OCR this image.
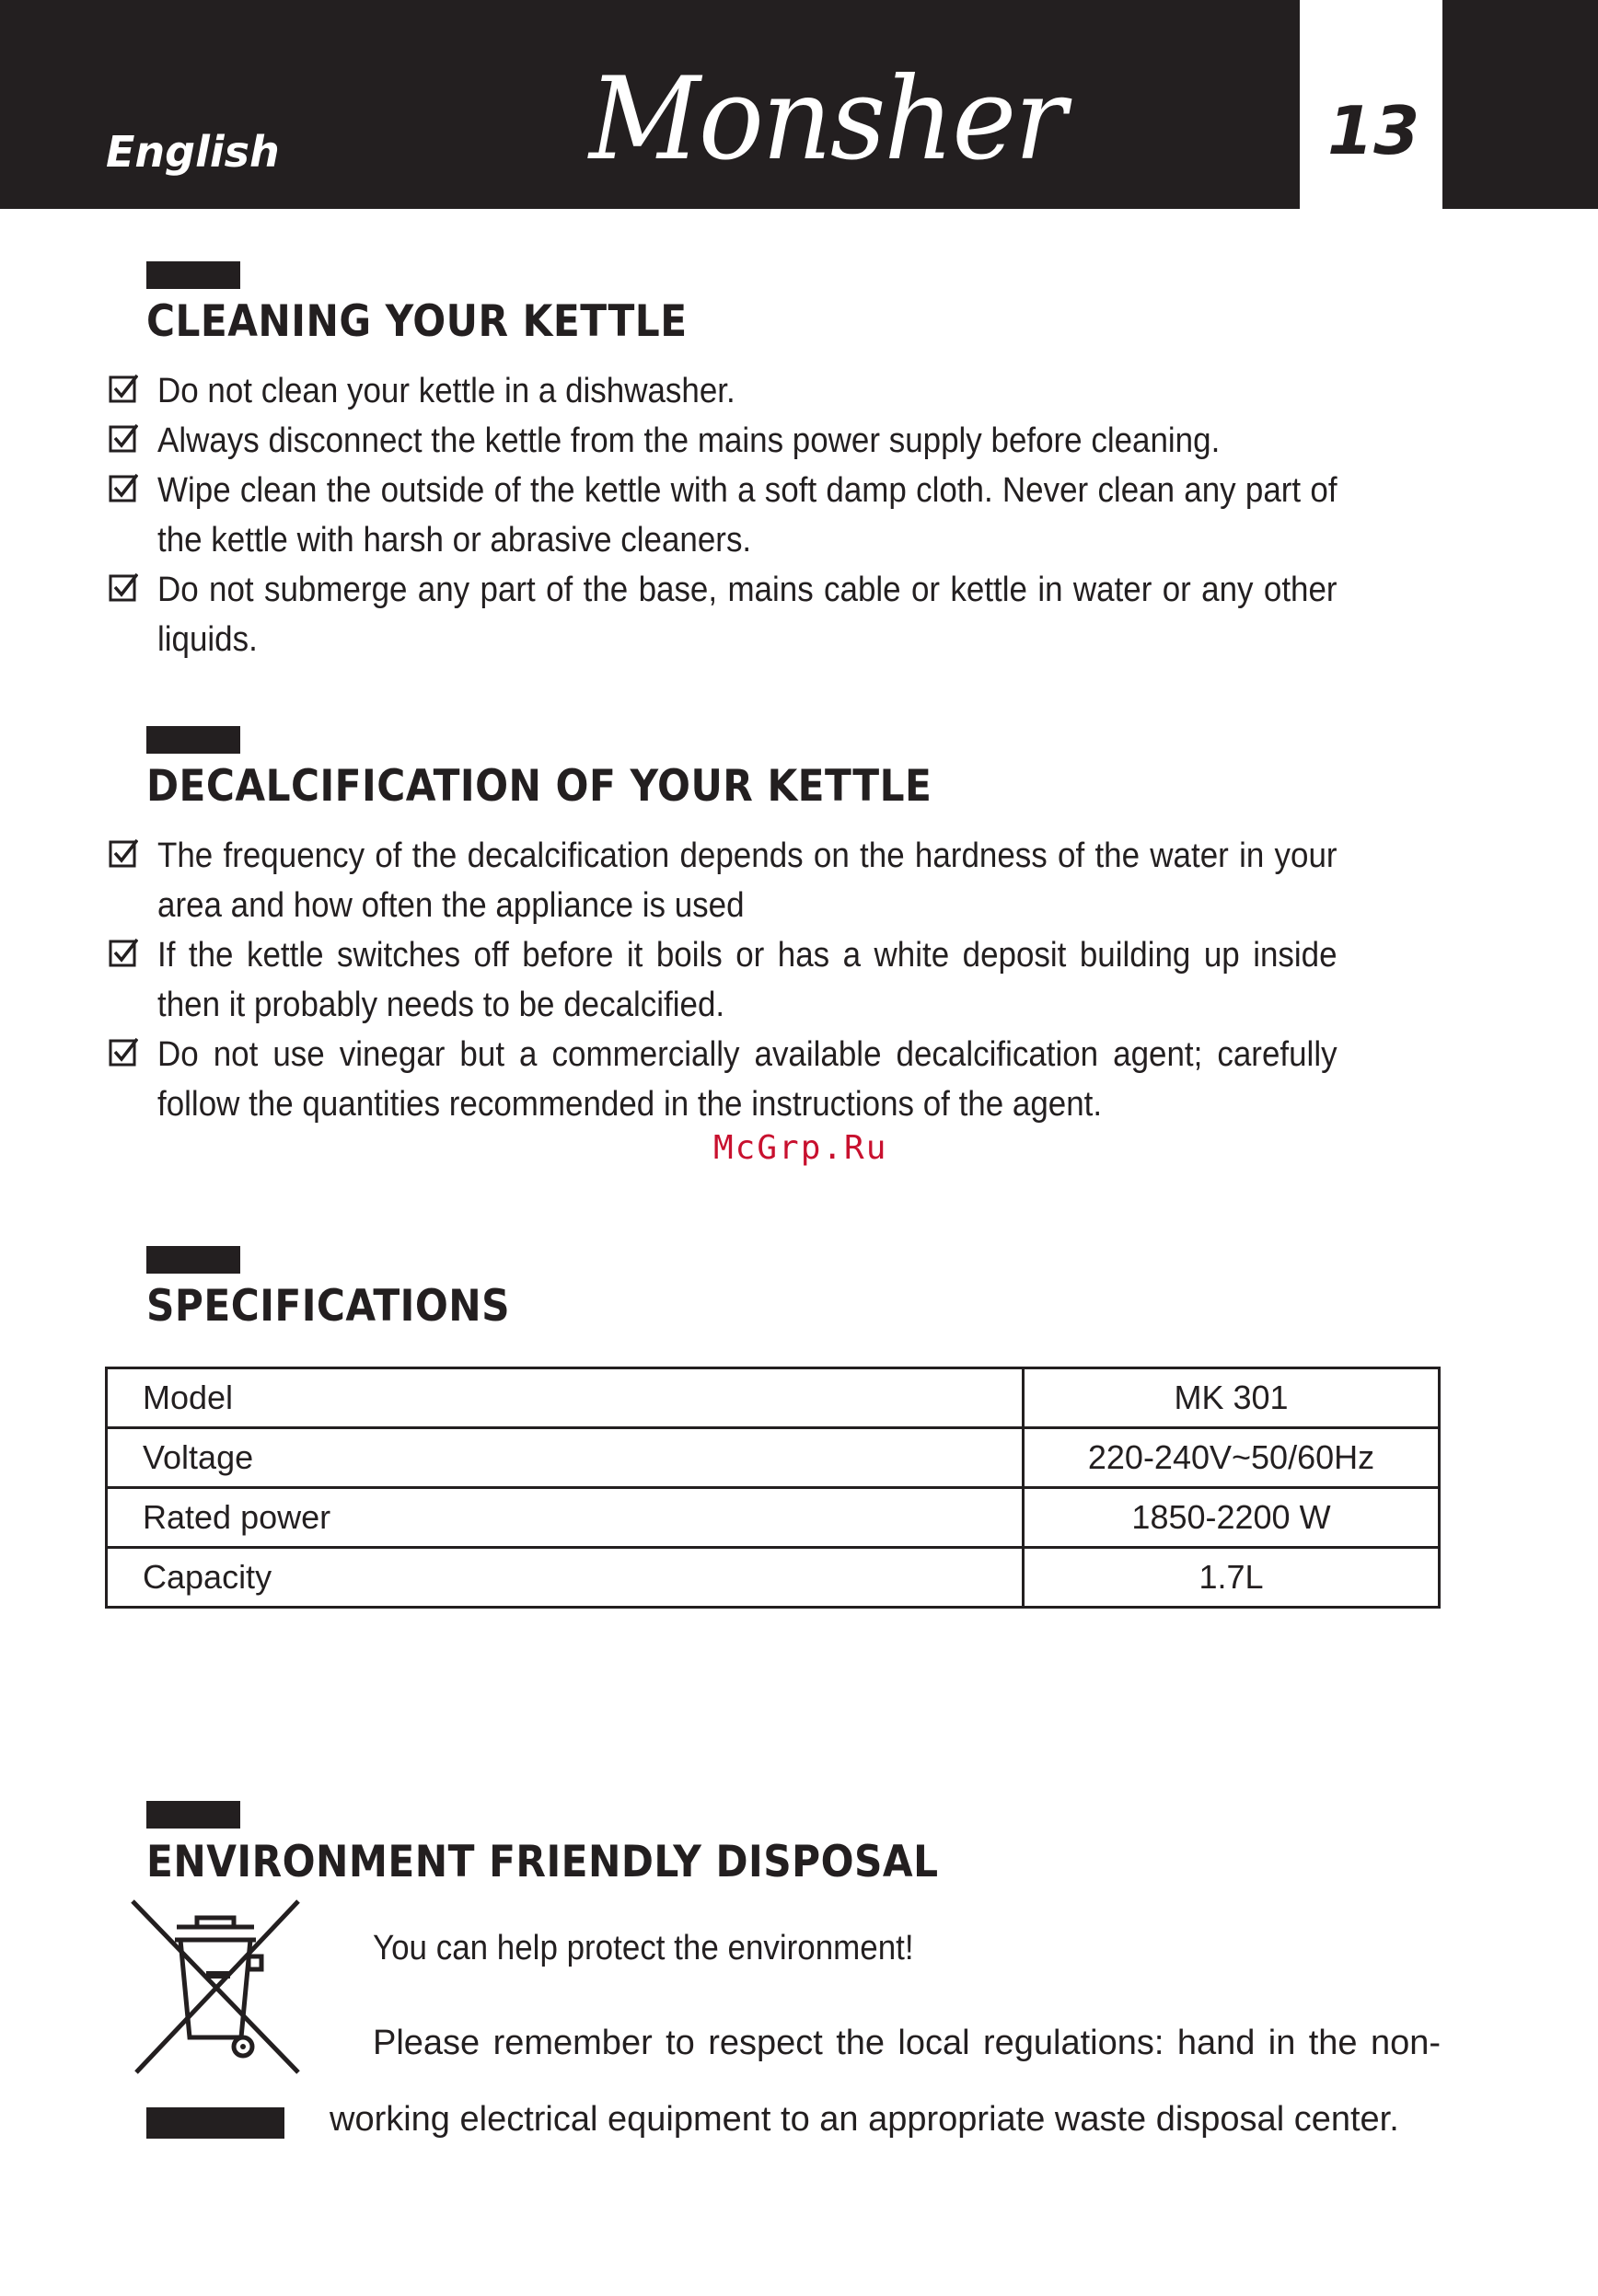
English	Monsher	13
CLEANING YOUR KETTLE
Do not clean your kettle in a dishwasher.
Always disconnect the kettle from the mains power supply before cleaning.
Wipe clean the outside of the kettle with a soft damp cloth. Never clean any part of the kettle with harsh or abrasive cleaners.
Do not submerge any part of the base, mains cable or kettle in water or any other liquids.
DECALCIFICATION OF YOUR KETTLE
The frequency of the decalcification depends on the hardness of the water in your area and how often the appliance is used
If the kettle switches off before it boils or has a white deposit building up inside then it probably needs to be decalcified.
Do not use vinegar but a commercially available decalcification agent; carefully follow the quantities recommended in the instructions of the agent.
McGrp.Ru
SPECIFICATIONS
Model	MK 301
Voltage	220-240V~50/60Hz
Rated power	1850-2200 W
Capacity	1.7L
ENVIRONMENT FRIENDLY DISPOSAL
You can help protect the environment!

Please remember to respect the local regulations: hand in the non-working electrical equipment to an appropriate waste disposal center.
